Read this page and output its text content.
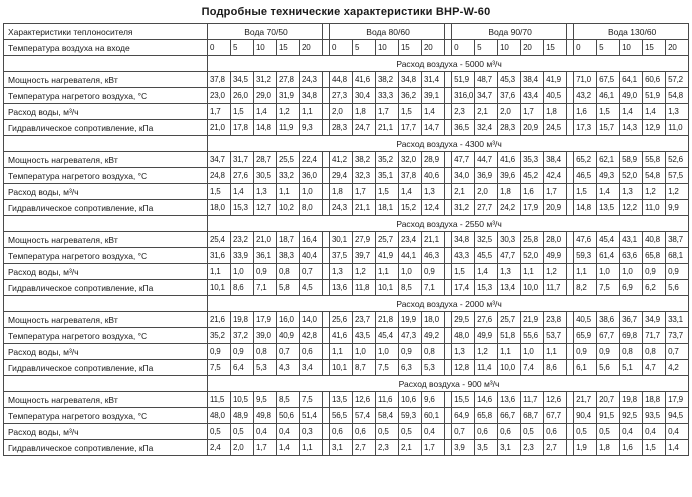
Подробные технические характеристики ВНР-W-60
Характеристики теплоносителя	Вода 70/50						Вода 80/60						Вода 90/70						Вода 130/60				
Температура воздуха на входе	0	5	10	15	20		0	5	10	15	20		0	5	10	20	15		0	5	10	15	20
	Расход воздуха - 5000 м³/ч																						
Мощность нагревателя, кВт	37,8	34,5	31,2	27,8	24,3		44,8	41,6	38,2	34,8	31,4		51,9	48,7	45,3	38,4	41,9		71,0	67,5	64,1	60,6	57,2
Температура нагретого воздуха, °С	23,0	26,0	29,0	31,9	34,8		27,3	30,4	33,3	36,2	39,1		316,0	34,7	37,6	43,4	40,5		43,2	46,1	49,0	51,9	54,8
Расход воды, м³/ч	1,7	1,5	1,4	1,2	1,1		2,0	1,8	1,7	1,5	1,4		2,3	2,1	2,0	1,7	1,8		1,6	1,5	1,4	1,4	1,3
Гидравлическое сопротивление, кПа	21,0	17,8	14,8	11,9	9,3		28,3	24,7	21,1	17,7	14,7		36,5	32,4	28,3	20,9	24,5		17,3	15,7	14,3	12,9	11,0
	Расход воздуха - 4300 м³/ч																						
Мощность нагревателя, кВт	34,7	31,7	28,7	25,5	22,4		41,2	38,2	35,2	32,0	28,9		47,7	44,7	41,6	35,3	38,4		65,2	62,1	58,9	55,8	52,6
Температура нагретого воздуха, °С	24,8	27,6	30,5	33,2	36,0		29,4	32,3	35,1	37,8	40,6		34,0	36,9	39,6	45,2	42,4		46,5	49,3	52,0	54,8	57,5
Расход воды, м³/ч	1,5	1,4	1,3	1,1	1,0		1,8	1,7	1,5	1,4	1,3		2,1	2,0	1,8	1,6	1,7		1,5	1,4	1,3	1,2	1,2
Гидравлическое сопротивление, кПа	18,0	15,3	12,7	10,2	8,0		24,3	21,1	18,1	15,2	12,4		31,2	27,7	24,2	17,9	20,9		14,8	13,5	12,2	11,0	9,9
	Расход воздуха - 2550 м³/ч																						
Мощность нагревателя, кВт	25,4	23,2	21,0	18,7	16,4		30,1	27,9	25,7	23,4	21,1		34,8	32,5	30,3	25,8	28,0		47,6	45,4	43,1	40,8	38,7
Температура нагретого воздуха, °С	31,6	33,9	36,1	38,3	40,4		37,5	39,7	41,9	44,1	46,3		43,3	45,5	47,7	52,0	49,9		59,3	61,4	63,6	65,8	68,1
Расход воды, м³/ч	1,1	1,0	0,9	0,8	0,7		1,3	1,2	1,1	1,0	0,9		1,5	1,4	1,3	1,1	1,2		1,1	1,0	1,0	0,9	0,9
Гидравлическое сопротивление, кПа	10,1	8,6	7,1	5,8	4,5		13,6	11,8	10,1	8,5	7,1		17,4	15,3	13,4	10,0	11,7		8,2	7,5	6,9	6,2	5,6
	Расход воздуха - 2000 м³/ч																						
Мощность нагревателя, кВт	21,6	19,8	17,9	16,0	14,0		25,6	23,7	21,8	19,9	18,0		29,5	27,6	25,7	21,9	23,8		40,5	38,6	36,7	34,9	33,1
Температура нагретого воздуха, °С	35,2	37,2	39,0	40,9	42,8		41,6	43,5	45,4	47,3	49,2		48,0	49,9	51,8	55,6	53,7		65,9	67,7	69,8	71,7	73,7
Расход воды, м³/ч	0,9	0,9	0,8	0,7	0,6		1,1	1,0	1,0	0,9	0,8		1,3	1,2	1,1	1,0	1,1		0,9	0,9	0,8	0,8	0,7
Гидравлическое сопротивление, кПа	7,5	6,4	5,3	4,3	3,4		10,1	8,7	7,5	6,3	5,3		12,8	11,4	10,0	7,4	8,6		6,1	5,6	5,1	4,7	4,2
	Расход воздуха - 900 м³/ч																						
Мощность нагревателя, кВт	11,5	10,5	9,5	8,5	7,5		13,5	12,6	11,6	10,6	9,6		15,5	14,6	13,6	11,7	12,6		21,7	20,7	19,8	18,8	17,9
Температура нагретого воздуха, °С	48,0	48,9	49,8	50,6	51,4		56,5	57,4	58,4	59,3	60,1		64,9	65,8	66,7	68,7	67,7		90,4	91,5	92,5	93,5	94,5
Расход воды, м³/ч	0,5	0,5	0,4	0,4	0,3		0,6	0,6	0,5	0,5	0,4		0,7	0,6	0,6	0,5	0,6		0,5	0,5	0,4	0,4	0,4
Гидравлическое сопротивление, кПа	2,4	2,0	1,7	1,4	1,1		3,1	2,7	2,3	2,1	1,7		3,9	3,5	3,1	2,3	2,7		1,9	1,8	1,6	1,5	1,4
